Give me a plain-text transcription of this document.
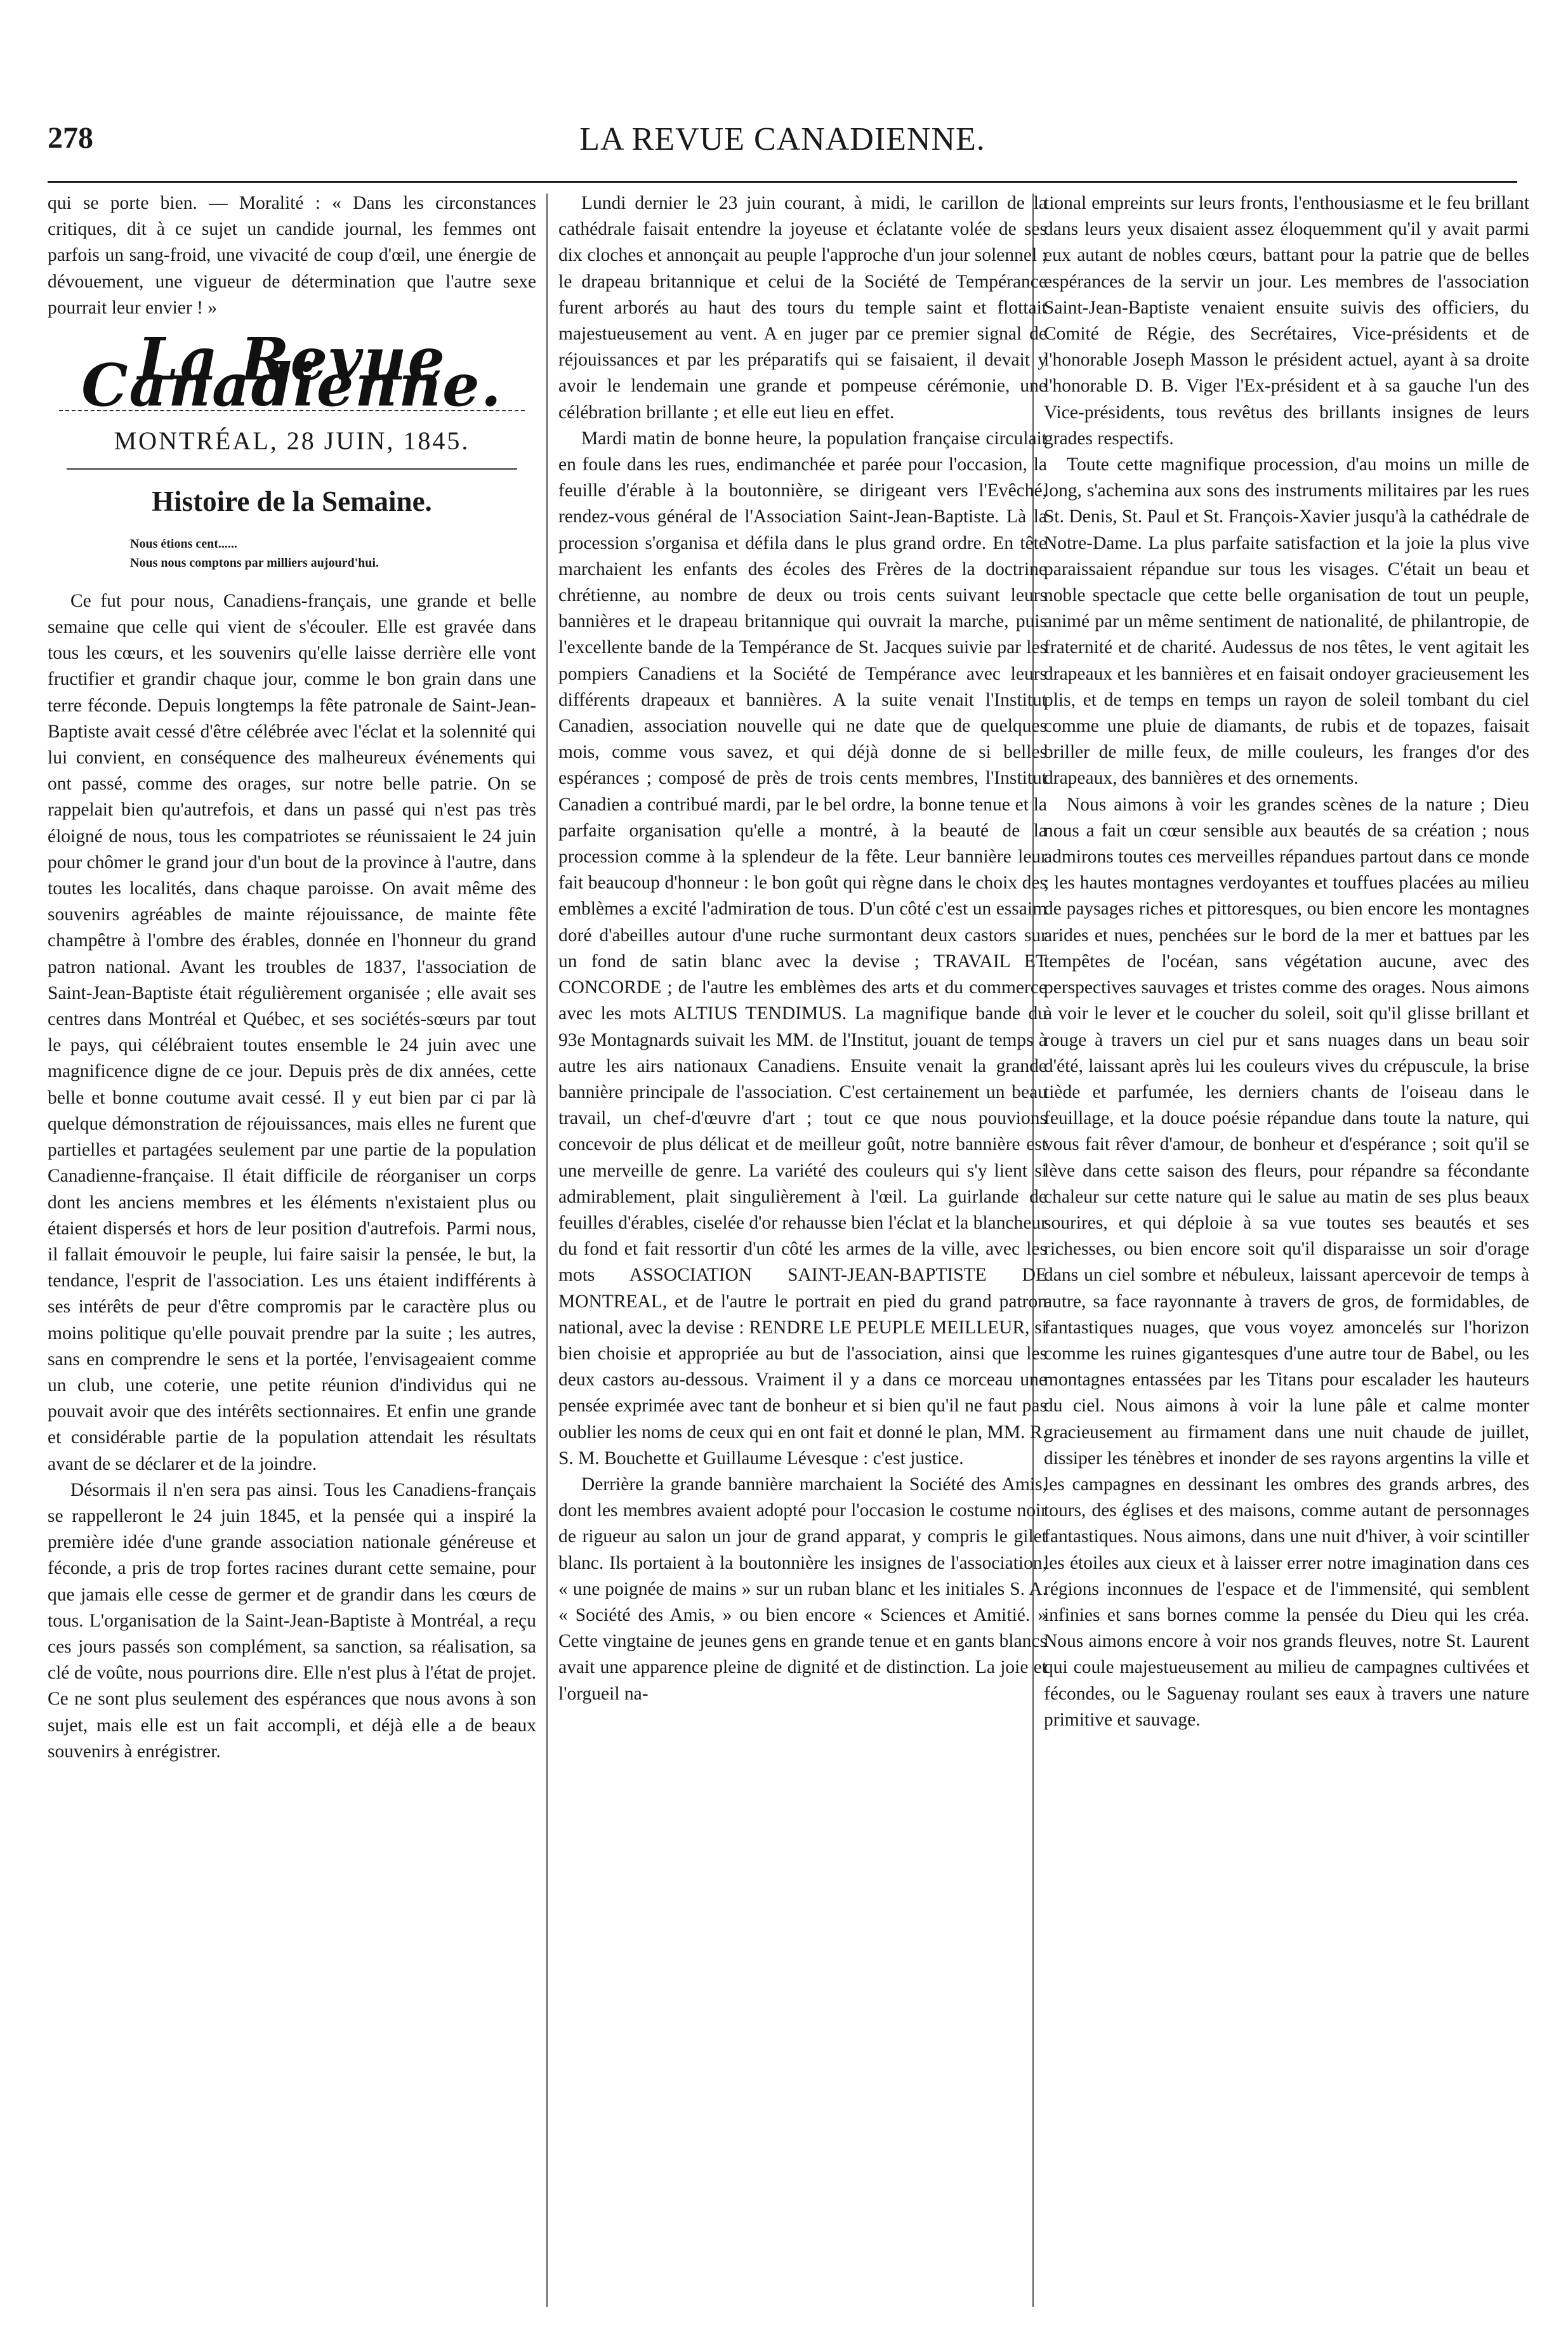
278	LA REVUE CANADIENNE.

qui se porte bien. — Moralité : « Dans les circonstances critiques, dit à ce sujet un candide journal, les femmes ont parfois un sang-froid, une vivacité de coup d'œil, une énergie de dévouement, une vigueur de détermination que l'autre sexe pourrait leur envier ! »

La Revue Canadienne.
MONTRÉAL, 28 JUIN, 1845.
Histoire de la Semaine.
Nous étions cent......
Nous nous comptons par milliers aujourd'hui.

Ce fut pour nous, Canadiens-français, une grande et belle semaine que celle qui vient de s'écouler. Elle est gravée dans tous les cœurs, et les souvenirs qu'elle laisse derrière elle vont fructifier et grandir chaque jour, comme le bon grain dans une terre féconde. Depuis longtemps la fête patronale de Saint-Jean-Baptiste avait cessé d'être célébrée avec l'éclat et la solennité qui lui convient, en conséquence des malheureux événements qui ont passé, comme des orages, sur notre belle patrie. On se rappelait bien qu'autrefois, et dans un passé qui n'est pas très éloigné de nous, tous les compatriotes se réunissaient le 24 juin pour chômer le grand jour d'un bout de la province à l'autre, dans toutes les localités, dans chaque paroisse. On avait même des souvenirs agréables de mainte réjouissance, de mainte fête champêtre à l'ombre des érables, donnée en l'honneur du grand patron national. Avant les troubles de 1837, l'association de Saint-Jean-Baptiste était régulièrement organisée ; elle avait ses centres dans Montréal et Québec, et ses sociétés-sœurs par tout le pays, qui célébraient toutes ensemble le 24 juin avec une magnificence digne de ce jour. Depuis près de dix années, cette belle et bonne coutume avait cessé. Il y eut bien par ci par là quelque démonstration de réjouissances, mais elles ne furent que partielles et partagées seulement par une partie de la population Canadienne-française. Il était difficile de réorganiser un corps dont les anciens membres et les éléments n'existaient plus ou étaient dispersés et hors de leur position d'autrefois. Parmi nous, il fallait émouvoir le peuple, lui faire saisir la pensée, le but, la tendance, l'esprit de l'association. Les uns étaient indifférents à ses intérêts de peur d'être compromis par le caractère plus ou moins politique qu'elle pouvait prendre par la suite ; les autres, sans en comprendre le sens et la portée, l'envisageaient comme un club, une coterie, une petite réunion d'individus qui ne pouvait avoir que des intérêts sectionnaires. Et enfin une grande et considérable partie de la population attendait les résultats avant de se déclarer et de la joindre.

Désormais il n'en sera pas ainsi. Tous les Canadiens-français se rappelleront le 24 juin 1845, et la pensée qui a inspiré la première idée d'une grande association nationale généreuse et féconde, a pris de trop fortes racines durant cette semaine, pour que jamais elle cesse de germer et de grandir dans les cœurs de tous. L'organisation de la Saint-Jean-Baptiste à Montréal, a reçu ces jours passés son complément, sa sanction, sa réalisation, sa clé de voûte, nous pourrions dire. Elle n'est plus à l'état de projet. Ce ne sont plus seulement des espérances que nous avons à son sujet, mais elle est un fait accompli, et déjà elle a de beaux souvenirs à enrégistrer.

Lundi dernier le 23 juin courant, à midi, le carillon de la cathédrale faisait entendre la joyeuse et éclatante volée de ses dix cloches et annonçait au peuple l'approche d'un jour solennel ; le drapeau britannique et celui de la Société de Tempérance furent arborés au haut des tours du temple saint et flottait majestueusement au vent. A en juger par ce premier signal de réjouissances et par les préparatifs qui se faisaient, il devait y avoir le lendemain une grande et pompeuse cérémonie, une célébration brillante ; et elle eut lieu en effet.

Mardi matin de bonne heure, la population française circulait en foule dans les rues, endimanchée et parée pour l'occasion, la feuille d'érable à la boutonnière, se dirigeant vers l'Evêché, rendez-vous général de l'Association Saint-Jean-Baptiste. Là la procession s'organisa et défila dans le plus grand ordre. En tête marchaient les enfants des écoles des Frères de la doctrine chrétienne, au nombre de deux ou trois cents suivant leurs bannières et le drapeau britannique qui ouvrait la marche, puis l'excellente bande de la Tempérance de St. Jacques suivie par les pompiers Canadiens et la Société de Tempérance avec leurs différents drapeaux et bannières. A la suite venait l'Institut Canadien, association nouvelle qui ne date que de quelques mois, comme vous savez, et qui déjà donne de si belles espérances ; composé de près de trois cents membres, l'Institut Canadien a contribué mardi, par le bel ordre, la bonne tenue et la parfaite organisation qu'elle a montré, à la beauté de la procession comme à la splendeur de la fête. Leur bannière leur fait beaucoup d'honneur : le bon goût qui règne dans le choix des emblèmes a excité l'admiration de tous. D'un côté c'est un essaim doré d'abeilles autour d'une ruche surmontant deux castors sur un fond de satin blanc avec la devise ; TRAVAIL ET CONCORDE ; de l'autre les emblèmes des arts et du commerce avec les mots ALTIUS TENDIMUS. La magnifique bande du 93e Montagnards suivait les MM. de l'Institut, jouant de temps à autre les airs nationaux Canadiens. Ensuite venait la grande bannière principale de l'association. C'est certainement un beau travail, un chef-d'œuvre d'art ; tout ce que nous pouvions concevoir de plus délicat et de meilleur goût, notre bannière est une merveille de genre. La variété des couleurs qui s'y lient si admirablement, plait singulièrement à l'œil. La guirlande de feuilles d'érables, ciselée d'or rehausse bien l'éclat et la blancheur du fond et fait ressortir d'un côté les armes de la ville, avec les mots ASSOCIATION SAINT-JEAN-BAPTISTE DE MONTREAL, et de l'autre le portrait en pied du grand patron national, avec la devise : RENDRE LE PEUPLE MEILLEUR, si bien choisie et appropriée au but de l'association, ainsi que les deux castors au-dessous. Vraiment il y a dans ce morceau une pensée exprimée avec tant de bonheur et si bien qu'il ne faut pas oublier les noms de ceux qui en ont fait et donné le plan, MM. R. S. M. Bouchette et Guillaume Lévesque : c'est justice.

Derrière la grande bannière marchaient la Société des Amis, dont les membres avaient adopté pour l'occasion le costume noir de rigueur au salon un jour de grand apparat, y compris le gilet blanc. Ils portaient à la boutonnière les insignes de l'association, « une poignée de mains » sur un ruban blanc et les initiales S. A. « Société des Amis, » ou bien encore « Sciences et Amitié. » Cette vingtaine de jeunes gens en grande tenue et en gants blancs avait une apparence pleine de dignité et de distinction. La joie et l'orgueil na-

tional empreints sur leurs fronts, l'enthousiasme et le feu brillant dans leurs yeux disaient assez éloquemment qu'il y avait parmi eux autant de nobles cœurs, battant pour la patrie que de belles espérances de la servir un jour. Les membres de l'association Saint-Jean-Baptiste venaient ensuite suivis des officiers, du Comité de Régie, des Secrétaires, Vice-présidents et de l'honorable Joseph Masson le président actuel, ayant à sa droite l'honorable D. B. Viger l'Ex-président et à sa gauche l'un des Vice-présidents, tous revêtus des brillants insignes de leurs grades respectifs.

Toute cette magnifique procession, d'au moins un mille de long, s'achemina aux sons des instruments militaires par les rues St. Denis, St. Paul et St. François-Xavier jusqu'à la cathédrale de Notre-Dame. La plus parfaite satisfaction et la joie la plus vive paraissaient répandue sur tous les visages. C'était un beau et noble spectacle que cette belle organisation de tout un peuple, animé par un même sentiment de nationalité, de philantropie, de fraternité et de charité. Audessus de nos têtes, le vent agitait les drapeaux et les bannières et en faisait ondoyer gracieusement les plis, et de temps en temps un rayon de soleil tombant du ciel comme une pluie de diamants, de rubis et de topazes, faisait briller de mille feux, de mille couleurs, les franges d'or des drapeaux, des bannières et des ornements.

Nous aimons à voir les grandes scènes de la nature ; Dieu nous a fait un cœur sensible aux beautés de sa création ; nous admirons toutes ces merveilles répandues partout dans ce monde ; les hautes montagnes verdoyantes et touffues placées au milieu de paysages riches et pittoresques, ou bien encore les montagnes arides et nues, penchées sur le bord de la mer et battues par les tempêtes de l'océan, sans végétation aucune, avec des perspectives sauvages et tristes comme des orages. Nous aimons à voir le lever et le coucher du soleil, soit qu'il glisse brillant et rouge à travers un ciel pur et sans nuages dans un beau soir d'été, laissant après lui les couleurs vives du crépuscule, la brise tiède et parfumée, les derniers chants de l'oiseau dans le feuillage, et la douce poésie répandue dans toute la nature, qui vous fait rêver d'amour, de bonheur et d'espérance ; soit qu'il se lève dans cette saison des fleurs, pour répandre sa fécondante chaleur sur cette nature qui le salue au matin de ses plus beaux sourires, et qui déploie à sa vue toutes ses beautés et ses richesses, ou bien encore soit qu'il disparaisse un soir d'orage dans un ciel sombre et nébuleux, laissant apercevoir de temps à autre, sa face rayonnante à travers de gros, de formidables, de fantastiques nuages, que vous voyez amoncelés sur l'horizon comme les ruines gigantesques d'une autre tour de Babel, ou les montagnes entassées par les Titans pour escalader les hauteurs du ciel. Nous aimons à voir la lune pâle et calme monter gracieusement au firmament dans une nuit chaude de juillet, dissiper les ténèbres et inonder de ses rayons argentins la ville et les campagnes en dessinant les ombres des grands arbres, des tours, des églises et des maisons, comme autant de personnages fantastiques. Nous aimons, dans une nuit d'hiver, à voir scintiller les étoiles aux cieux et à laisser errer notre imagination dans ces régions inconnues de l'espace et de l'immensité, qui semblent infinies et sans bornes comme la pensée du Dieu qui les créa. Nous aimons encore à voir nos grands fleuves, notre St. Laurent qui coule majestueusement au milieu de campagnes cultivées et fécondes, ou le Saguenay roulant ses eaux à travers une nature primitive et sauvage.
